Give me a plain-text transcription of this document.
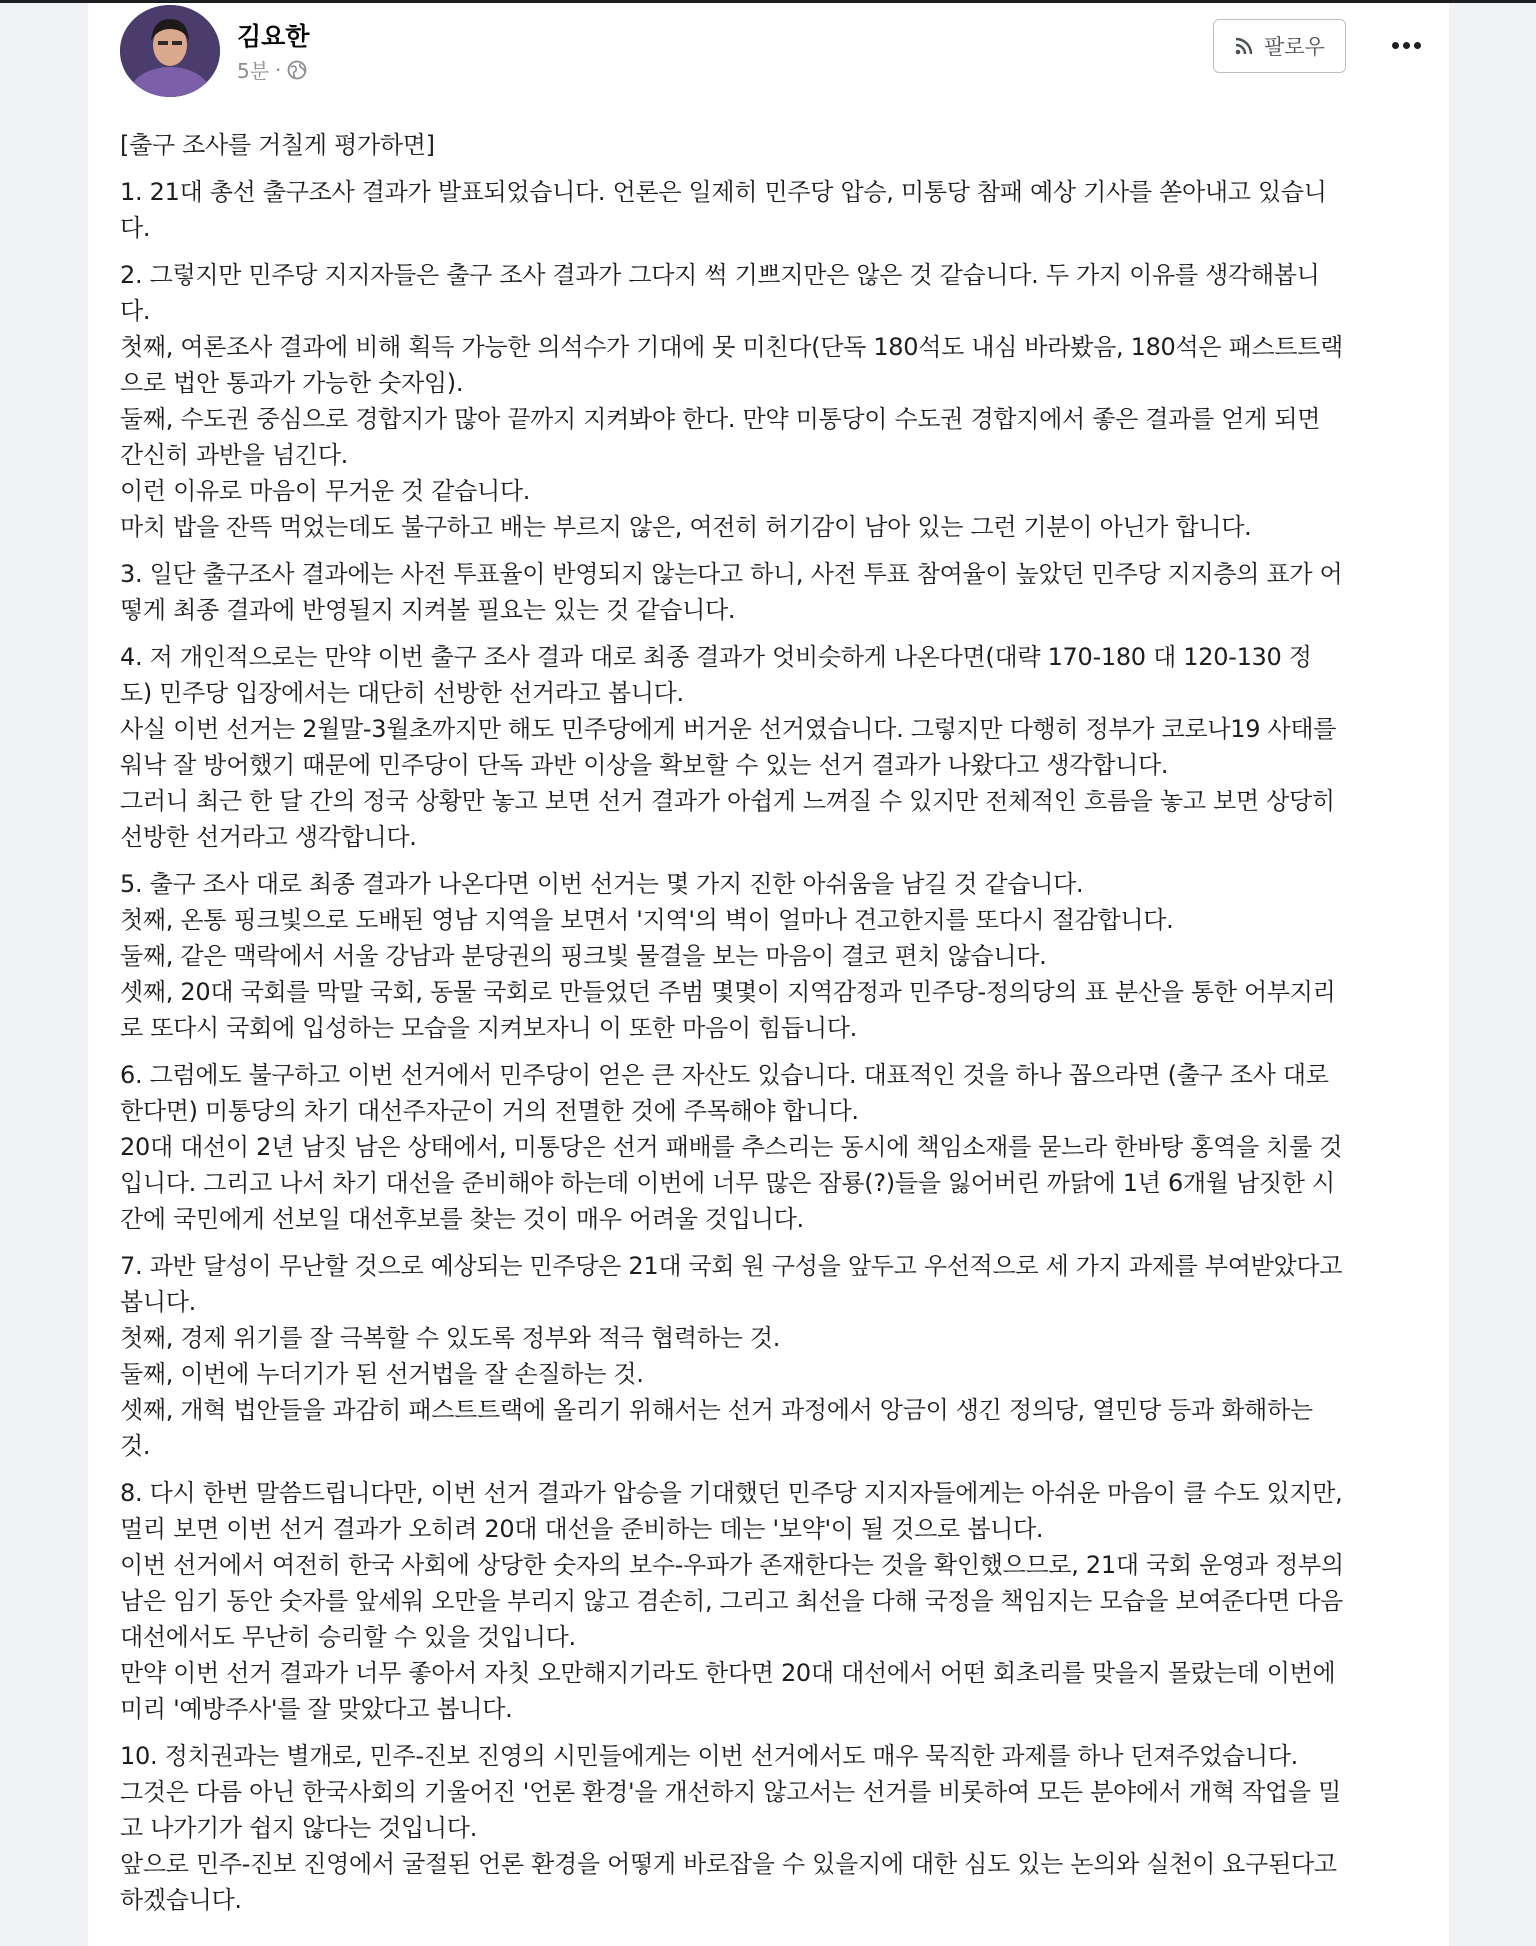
김요한
5분 ·
팔로우

[출구 조사를 거칠게 평가하면]

1. 21대 총선 출구조사 결과가 발표되었습니다. 언론은 일제히 민주당 압승, 미통당 참패 예상 기사를 쏟아내고 있습니
다.

2. 그렇지만 민주당 지지자들은 출구 조사 결과가 그다지 썩 기쁘지만은 않은 것 같습니다. 두 가지 이유를 생각해봅니
다.
첫째, 여론조사 결과에 비해 획득 가능한 의석수가 기대에 못 미친다(단독 180석도 내심 바라봤음, 180석은 패스트트랙
으로 법안 통과가 가능한 숫자임).
둘째, 수도권 중심으로 경합지가 많아 끝까지 지켜봐야 한다. 만약 미통당이 수도권 경합지에서 좋은 결과를 얻게 되면
간신히 과반을 넘긴다.
이런 이유로 마음이 무거운 것 같습니다.
마치 밥을 잔뜩 먹었는데도 불구하고 배는 부르지 않은, 여전히 허기감이 남아 있는 그런 기분이 아닌가 합니다.

3. 일단 출구조사 결과에는 사전 투표율이 반영되지 않는다고 하니, 사전 투표 참여율이 높았던 민주당 지지층의 표가 어
떻게 최종 결과에 반영될지 지켜볼 필요는 있는 것 같습니다.

4. 저 개인적으로는 만약 이번 출구 조사 결과 대로 최종 결과가 엇비슷하게 나온다면(대략 170-180 대 120-130 정
도) 민주당 입장에서는 대단히 선방한 선거라고 봅니다.
사실 이번 선거는 2월말-3월초까지만 해도 민주당에게 버거운 선거였습니다. 그렇지만 다행히 정부가 코로나19 사태를
워낙 잘 방어했기 때문에 민주당이 단독 과반 이상을 확보할 수 있는 선거 결과가 나왔다고 생각합니다.
그러니 최근 한 달 간의 정국 상황만 놓고 보면 선거 결과가 아쉽게 느껴질 수 있지만 전체적인 흐름을 놓고 보면 상당히
선방한 선거라고 생각합니다.

5. 출구 조사 대로 최종 결과가 나온다면 이번 선거는 몇 가지 진한 아쉬움을 남길 것 같습니다.
첫째, 온통 핑크빛으로 도배된 영남 지역을 보면서 '지역'의 벽이 얼마나 견고한지를 또다시 절감합니다.
둘째, 같은 맥락에서 서울 강남과 분당권의 핑크빛 물결을 보는 마음이 결코 편치 않습니다.
셋째, 20대 국회를 막말 국회, 동물 국회로 만들었던 주범 몇몇이 지역감정과 민주당-정의당의 표 분산을 통한 어부지리
로 또다시 국회에 입성하는 모습을 지켜보자니 이 또한 마음이 힘듭니다.

6. 그럼에도 불구하고 이번 선거에서 민주당이 얻은 큰 자산도 있습니다. 대표적인 것을 하나 꼽으라면 (출구 조사 대로
한다면) 미통당의 차기 대선주자군이 거의 전멸한 것에 주목해야 합니다.
20대 대선이 2년 남짓 남은 상태에서, 미통당은 선거 패배를 추스리는 동시에 책임소재를 묻느라 한바탕 홍역을 치룰 것
입니다. 그리고 나서 차기 대선을 준비해야 하는데 이번에 너무 많은 잠룡(?)들을 잃어버린 까닭에 1년 6개월 남짓한 시
간에 국민에게 선보일 대선후보를 찾는 것이 매우 어려울 것입니다.

7. 과반 달성이 무난할 것으로 예상되는 민주당은 21대 국회 원 구성을 앞두고 우선적으로 세 가지 과제를 부여받았다고
봅니다.
첫째, 경제 위기를 잘 극복할 수 있도록 정부와 적극 협력하는 것.
둘째, 이번에 누더기가 된 선거법을 잘 손질하는 것.
셋째, 개혁 법안들을 과감히 패스트트랙에 올리기 위해서는 선거 과정에서 앙금이 생긴 정의당, 열민당 등과 화해하는
것.

8. 다시 한번 말씀드립니다만, 이번 선거 결과가 압승을 기대했던 민주당 지지자들에게는 아쉬운 마음이 클 수도 있지만,
멀리 보면 이번 선거 결과가 오히려 20대 대선을 준비하는 데는 '보약'이 될 것으로 봅니다.
이번 선거에서 여전히 한국 사회에 상당한 숫자의 보수-우파가 존재한다는 것을 확인했으므로, 21대 국회 운영과 정부의
남은 임기 동안 숫자를 앞세워 오만을 부리지 않고 겸손히, 그리고 최선을 다해 국정을 책임지는 모습을 보여준다면 다음
대선에서도 무난히 승리할 수 있을 것입니다.
만약 이번 선거 결과가 너무 좋아서 자칫 오만해지기라도 한다면 20대 대선에서 어떤 회초리를 맞을지 몰랐는데 이번에
미리 '예방주사'를 잘 맞았다고 봅니다.

10. 정치권과는 별개로, 민주-진보 진영의 시민들에게는 이번 선거에서도 매우 묵직한 과제를 하나 던져주었습니다.
그것은 다름 아닌 한국사회의 기울어진 '언론 환경'을 개선하지 않고서는 선거를 비롯하여 모든 분야에서 개혁 작업을 밀
고 나가기가 쉽지 않다는 것입니다.
앞으로 민주-진보 진영에서 굴절된 언론 환경을 어떻게 바로잡을 수 있을지에 대한 심도 있는 논의와 실천이 요구된다고
하겠습니다.
